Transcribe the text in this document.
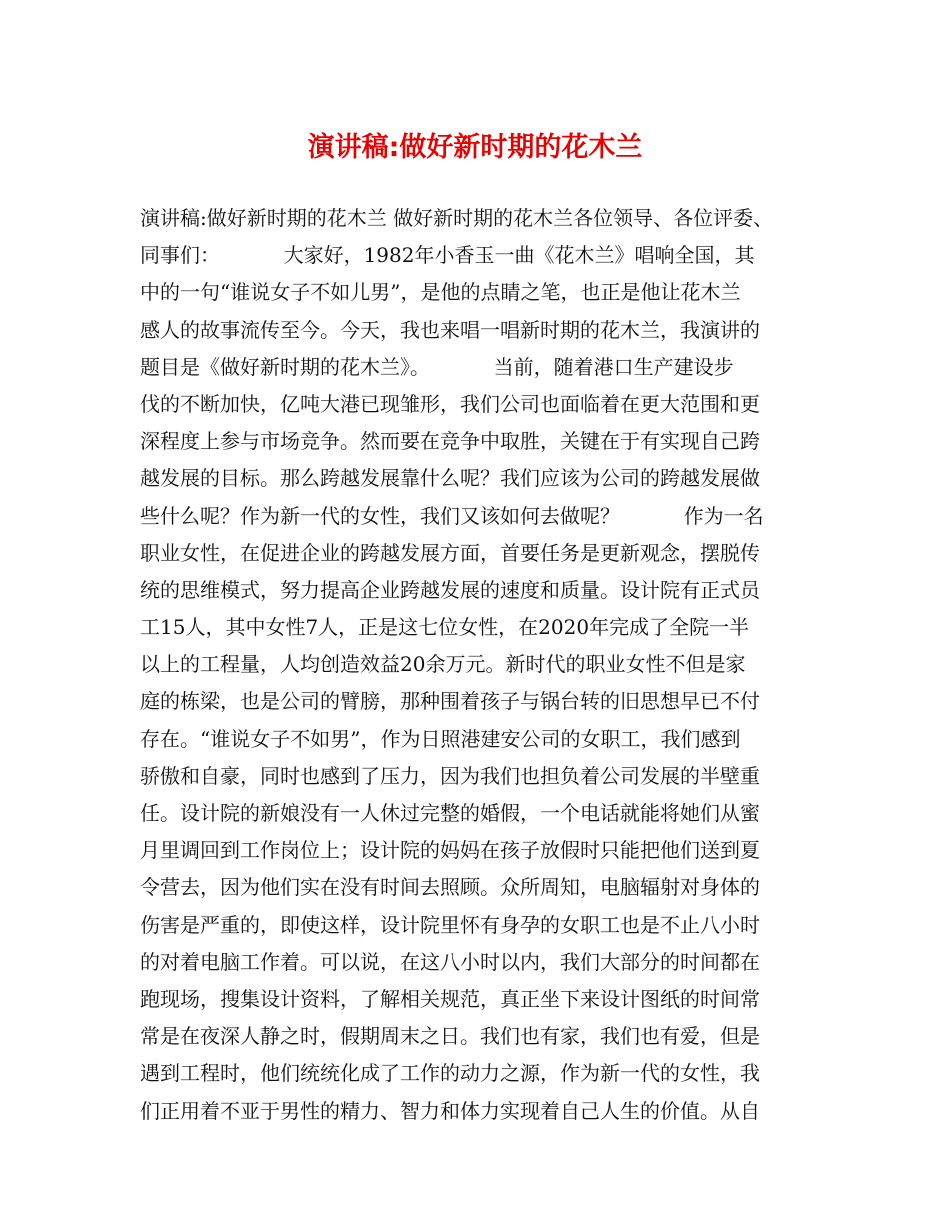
演讲稿:做好新时期的花木兰
演讲稿:做好新时期的花木兰 做好新时期的花木兰各位领导、各位评委、
同事们：          大家好，1982年小香玉一曲《花木兰》唱响全国，其
中的一句“谁说女子不如儿男”，是他的点睛之笔，也正是他让花木兰
感人的故事流传至今。今天，我也来唱一唱新时期的花木兰，我演讲的
题目是《做好新时期的花木兰》。          当前，随着港口生产建设步
伐的不断加快，亿吨大港已现雏形，我们公司也面临着在更大范围和更
深程度上参与市场竞争。然而要在竞争中取胜，关键在于有实现自己跨
越发展的目标。那么跨越发展靠什么呢？我们应该为公司的跨越发展做
些什么呢？作为新一代的女性，我们又该如何去做呢？          作为一名
职业女性，在促进企业的跨越发展方面，首要任务是更新观念，摆脱传
统的思维模式，努力提高企业跨越发展的速度和质量。设计院有正式员
工15人，其中女性7人，正是这七位女性，在2020年完成了全院一半
以上的工程量，人均创造效益20余万元。新时代的职业女性不但是家
庭的栋梁，也是公司的臂膀，那种围着孩子与锅台转的旧思想早已不付
存在。“谁说女子不如男”，作为日照港建安公司的女职工，我们感到
骄傲和自豪，同时也感到了压力，因为我们也担负着公司发展的半壁重
任。设计院的新娘没有一人休过完整的婚假，一个电话就能将她们从蜜
月里调回到工作岗位上；设计院的妈妈在孩子放假时只能把他们送到夏
令营去，因为他们实在没有时间去照顾。众所周知，电脑辐射对身体的
伤害是严重的，即使这样，设计院里怀有身孕的女职工也是不止八小时
的对着电脑工作着。可以说，在这八小时以内，我们大部分的时间都在
跑现场，搜集设计资料，了解相关规范，真正坐下来设计图纸的时间常
常是在夜深人静之时，假期周末之日。我们也有家，我们也有爱，但是
遇到工程时，他们统统化成了工作的动力之源，作为新一代的女性，我
们正用着不亚于男性的精力、智力和体力实现着自己人生的价值。从自
